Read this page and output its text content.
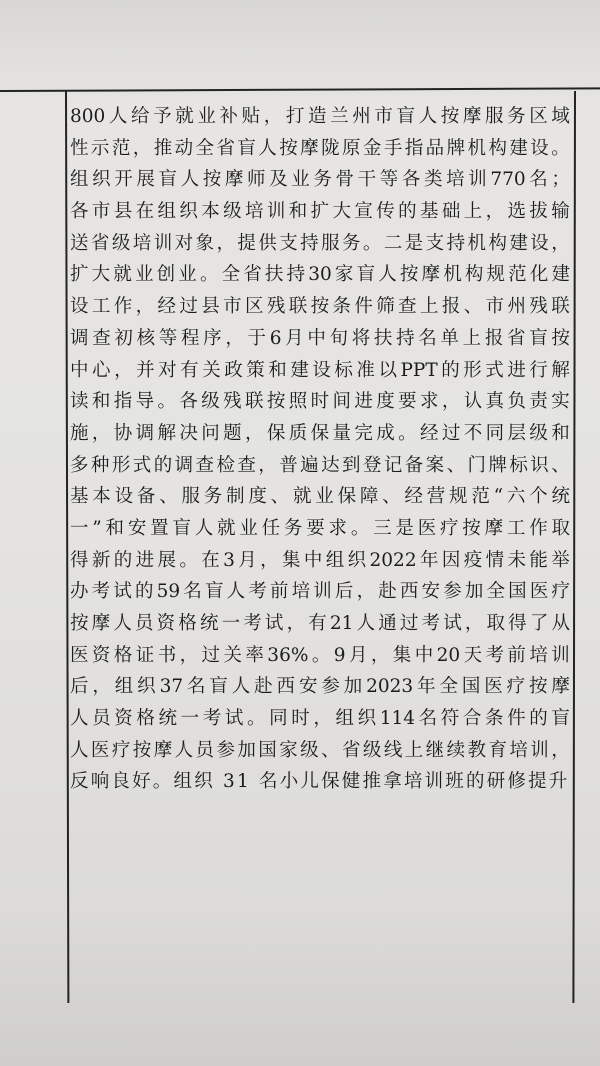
800 人 给 予 就 业 补 贴 ， 打 造 兰 州 市 盲 人 按 摩 服 务 区 域
性 示 范 ， 推 动 全 省 盲 人 按 摩 陇 原 金 手 指 品 牌 机 构 建 设 。
组 织 开 展 盲 人 按 摩 师 及 业 务 骨 干 等 各 类 培 训 770 名 ；
各 市 县 在 组 织 本 级 培 训 和 扩 大 宣 传 的 基 础 上 ， 选 拔 输
送 省 级 培 训 对 象 ， 提 供 支 持 服 务 。 二 是 支 持 机 构 建 设 ，
扩 大 就 业 创 业 。 全 省 扶 持 30 家 盲 人 按 摩 机 构 规 范 化 建
设 工 作 ， 经 过 县 市 区 残 联 按 条 件 筛 查 上 报 、 市 州 残 联
调 查 初 核 等 程 序 ， 于 6 月 中 旬 将 扶 持 名 单 上 报 省 盲 按
中 心 ， 并 对 有 关 政 策 和 建 设 标 准 以 PPT 的 形 式 进 行 解
读 和 指 导 。 各 级 残 联 按 照 时 间 进 度 要 求 ， 认 真 负 责 实
施 ， 协 调 解 决 问 题 ， 保 质 保 量 完 成 。 经 过 不 同 层 级 和
多 种 形 式 的 调 查 检 查 ， 普 遍 达 到 登 记 备 案 、 门 牌 标 识 、
基 本 设 备 、 服 务 制 度 、 就 业 保 障 、 经 营 规 范 “ 六 个 统
一 ” 和 安 置 盲 人 就 业 任 务 要 求 。 三 是 医 疗 按 摩 工 作 取
得 新 的 进 展 。 在 3 月 ， 集 中 组 织 2022 年 因 疫 情 未 能 举
办 考 试 的 59 名 盲 人 考 前 培 训 后 ， 赴 西 安 参 加 全 国 医 疗
按 摩 人 员 资 格 统 一 考 试 ， 有 21 人 通 过 考 试 ， 取 得 了 从
医 资 格 证 书 ， 过 关 率 36% 。 9 月 ， 集 中 20 天 考 前 培 训
后 ， 组 织 37 名 盲 人 赴 西 安 参 加 2023 年 全 国 医 疗 按 摩
人 员 资 格 统 一 考 试 。 同 时 ， 组 织 114 名 符 合 条 件 的 盲
人 医 疗 按 摩 人 员 参 加 国 家 级 、 省 级 线 上 继 续 教 育 培 训 ，
反响良好。组织 31 名小儿保健推拿培训班的研修提升
